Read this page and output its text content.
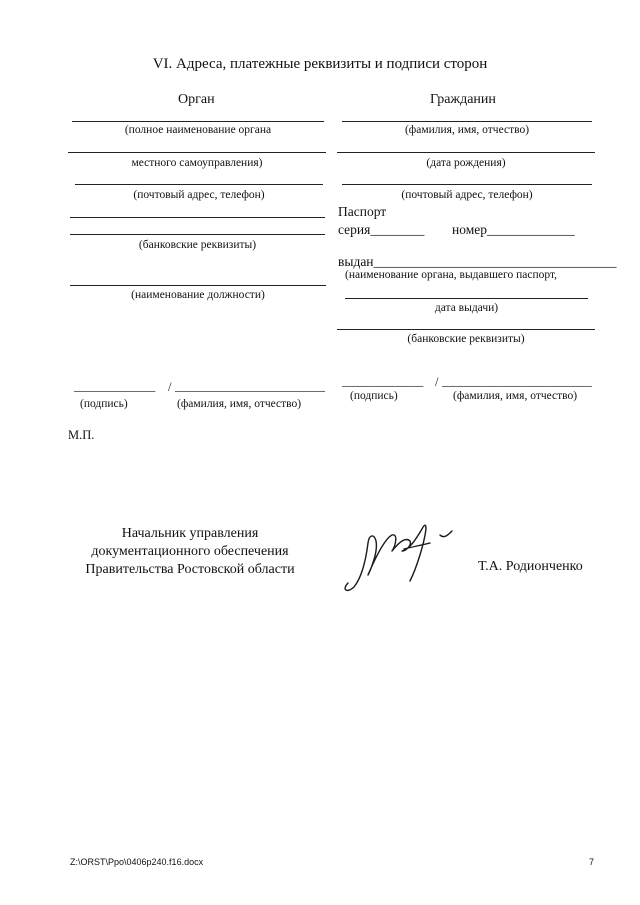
VI. Адреса, платежные реквизиты и подписи сторон
Орган
(полное наименование органа
местного самоуправления)
(почтовый адрес, телефон)
(банковские реквизиты)
(наименование должности)
_____________ / ________________________
(подпись)	(фамилия, имя, отчество)
М.П.
Гражданин
(фамилия, имя, отчество)
(дата рождения)
(почтовый адрес, телефон)
Паспорт
серия________ номер_____________
выдан____________________________________
(наименование органа, выдавшего паспорт,
дата выдачи)
(банковские реквизиты)
_____________ / ________________________
(подпись)	(фамилия, имя, отчество)
Начальник управления
документационного обеспечения
Правительства Ростовской области	Т.А. Родионченко
Z:\ORST\Ppo\0406p240.f16.docx	7
